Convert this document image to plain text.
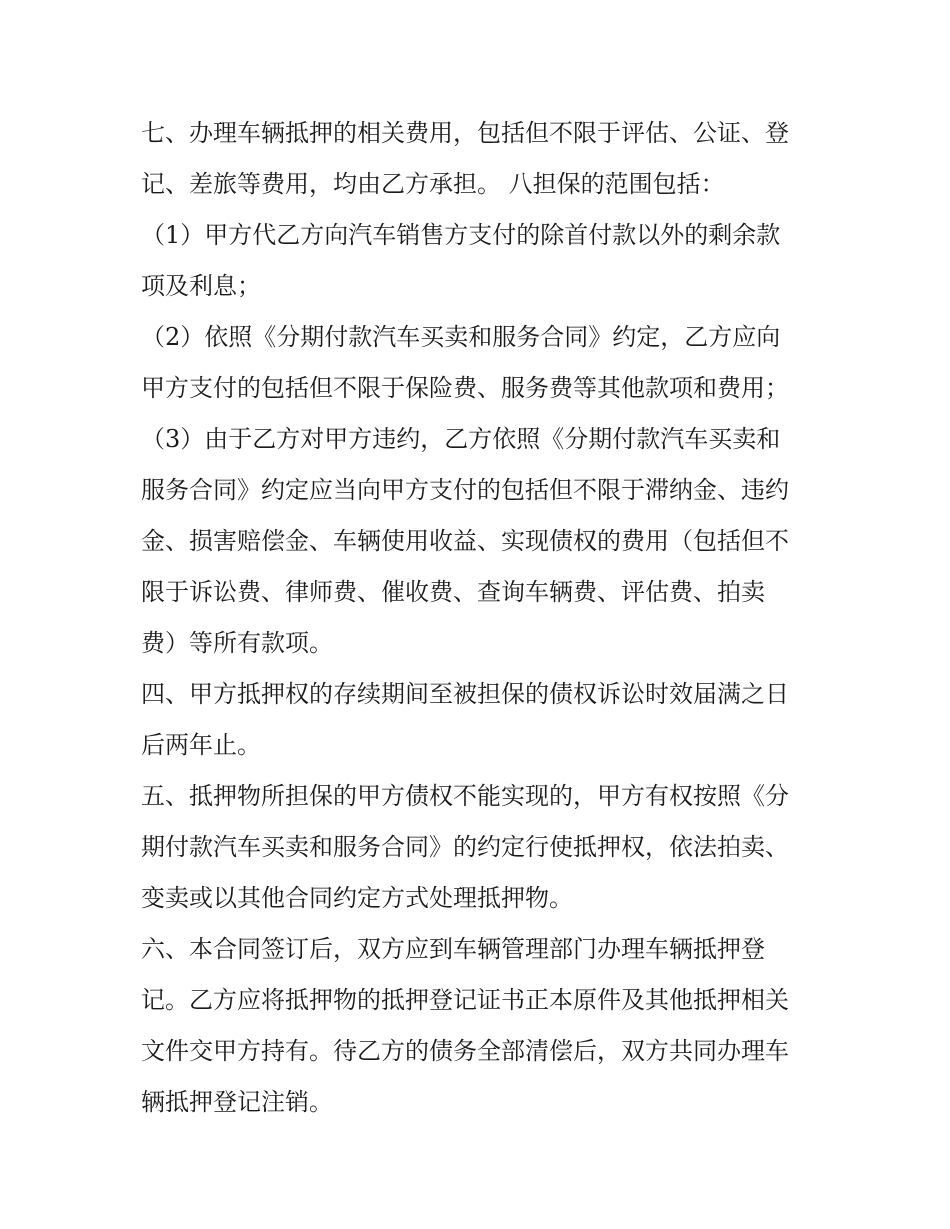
七、办理车辆抵押的相关费用，包括但不限于评估、公证、登
记、差旅等费用，均由乙方承担。 八担保的范围包括：
（1）甲方代乙方向汽车销售方支付的除首付款以外的剩余款
项及利息；
（2）依照《分期付款汽车买卖和服务合同》约定，乙方应向
甲方支付的包括但不限于保险费、服务费等其他款项和费用；
（3）由于乙方对甲方违约，乙方依照《分期付款汽车买卖和
服务合同》约定应当向甲方支付的包括但不限于滞纳金、违约
金、损害赔偿金、车辆使用收益、实现债权的费用（包括但不
限于诉讼费、律师费、催收费、查询车辆费、评估费、拍卖
费）等所有款项。
四、甲方抵押权的存续期间至被担保的债权诉讼时效届满之日
后两年止。
五、抵押物所担保的甲方债权不能实现的，甲方有权按照《分
期付款汽车买卖和服务合同》的约定行使抵押权，依法拍卖、
变卖或以其他合同约定方式处理抵押物。
六、本合同签订后，双方应到车辆管理部门办理车辆抵押登
记。乙方应将抵押物的抵押登记证书正本原件及其他抵押相关
文件交甲方持有。待乙方的债务全部清偿后，双方共同办理车
辆抵押登记注销。
